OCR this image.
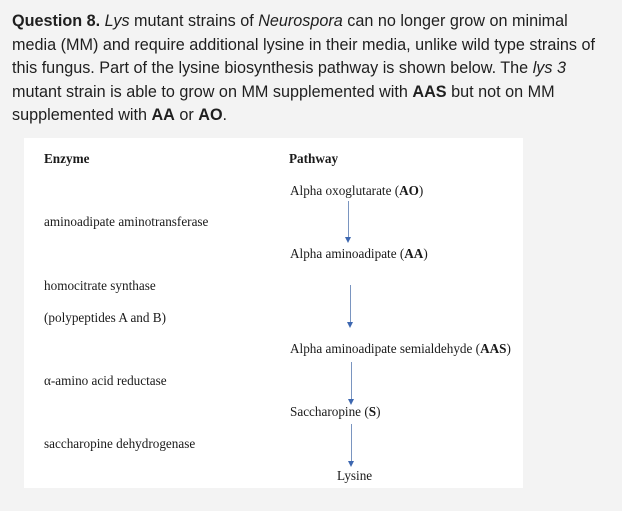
Question 8. Lys mutant strains of Neurospora can no longer grow on minimal media (MM) and require additional lysine in their media, unlike wild type strains of this fungus. Part of the lysine biosynthesis pathway is shown below. The lys 3 mutant strain is able to grow on MM supplemented with AAS but not on MM supplemented with AA or AO.
Enzyme	Pathway
aminoadipate aminotransferase
homocitrate synthase
(polypeptides A and B)
α-amino acid reductase
saccharopine dehydrogenase
Alpha oxoglutarate (AO)
Alpha aminoadipate (AA)
Alpha aminoadipate semialdehyde (AAS)
Saccharopine (S)
Lysine
